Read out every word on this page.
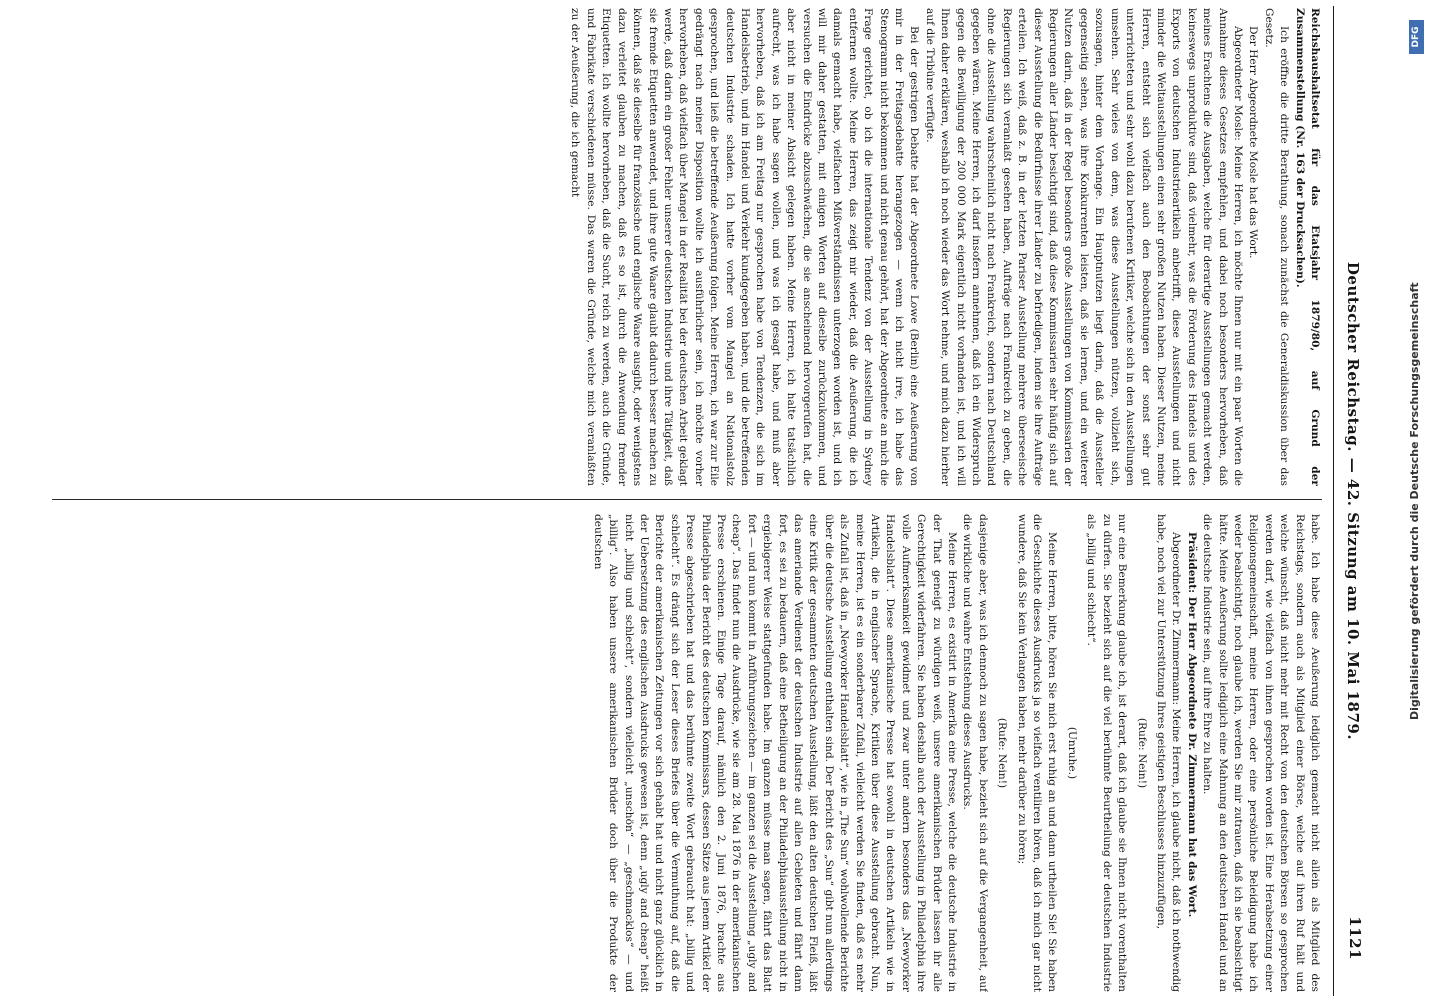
Deutscher Reichstag. — 42. Sitzung am 10. Mai 1879.
1121

Reichshaushaltsetat für das Etatsjahr 1879/80, auf Grund der Zusammenstellung (Nr. 163 der Drucksachen).

Ich eröffne die dritte Berathung, sonach zunächst die Generaldiskussion über das Gesetz.

Der Herr Abgeordnete Mosle hat das Wort.

Abgeordneter Mosle: Meine Herren, ich möchte Ihnen nur mit ein paar Worten die Annahme dieses Gesetzes empfehlen, und dabei noch besonders hervorheben, daß meines Erachtens die Ausgaben, welche für derartige Ausstellungen gemacht werden, keineswegs unproduktive sind, daß vielmehr, was die Förderung des Handels und des Exports von deutschen Industrieartikeln anbetrifft, diese Ausstellungen und nicht minder die Weltausstellungen einen sehr großen Nutzen haben. Dieser Nutzen, meine Herren, entsteht sich vielfach auch den Beobachtungen der sonst sehr gut unterrichteten und sehr wohl dazu berufenen Kritiker, welche sich in den Ausstellungen umsehen. Sehr vieles von dem, was diese Ausstellungen nützen, vollzieht sich, sozusagen, hinter dem Vorhange. Ein Hauptnutzen liegt darin, daß die Aussteller gegenseitig sehen, was ihre Konkurrenten leisten, daß sie lernen, und ein weiterer Nutzen darin, daß in der Regel besonders große Ausstellungen von Kommissarien der Regierungen aller Länder besichtigt sind, daß diese Kommissarien sehr häufig sich auf dieser Ausstellung die Bedürfnisse ihrer Länder zu befriedigen, indem sie ihre Aufträge erteilen. Ich weiß, daß z. B. in der letzten Pariser Ausstellung mehrere überseeische Regierungen sich veranlaßt gesehen haben, Aufträge nach Frankreich zu geben, die ohne die Ausstellung wahrscheinlich nicht nach Frankreich, sondern nach Deutschland gegeben wären. Meine Herren, ich darf insofern annehmen, daß ich ein Widerspruch gegen die Bewilligung der 200 000 Mark eigentlich nicht vorhanden ist, und ich will Ihnen daher erklären, weshalb ich noch wieder das Wort nehme, und mich dazu hierher auf die Tribüne verfügte.

Bei der gestrigen Debatte hat der Abgeordnete Lowe (Berlin) eine Aeußerung von mir in der Freitagsdebatte herangezogen — wenn ich nicht irre, ich habe das Stenogramm nicht bekommen und nicht genau gehört, hat der Abgeordnete an mich die Frage gerichtet, ob ich die internationale Tendenz von der Ausstellung in Sydney entfernen wollte. Meine Herren, das zeigt mir wieder, daß die Aeußerung, die ich damals gemacht habe, vielfachen Mißverständnissen unterzogen worden ist, und ich will mir daher gestatten, mit einigen Worten auf dieselbe zurückzukommen, und versuchen die Eindrücke abzuschwächen, die sie anscheinend hervorgerufen hat, die aber nicht in meiner Absicht gelegen haben. Meine Herren, ich halte tatsächlich aufrecht, was ich habe sagen wollen, und was ich gesagt habe, und muß aber hervorheben, daß ich am Freitag nur gesprochen habe von Tendenzen, die sich im Handelsbetrieb, und im Handel und Verkehr kundgegeben haben, und die betreffenden deutschen Industrie schaden. Ich hatte vorher vom Mangel an Nationalstolz gesprochen, und ließ die betreffende Aeußerung folgen. Meine Herren, ich war zur Eile gedrängt nach meiner Disposition wollte ich ausführlicher sein, ich möchte vorher hervorheben, daß vielfach über Mangel in der Realität bei der deutschen Arbeit geklagt werde, daß darin ein großer Fehler unserer deutschen Industrie und ihre Tätigkeit, daß sie fremde Etiquetten anwendet, und ihre gute Waare glaubt dadurch besser machen zu können, daß sie dieselbe für französische und englische Waare ausgibt, oder wenigstens dazu verleitet glauben zu machen, daß es so ist, durch die Anwendung fremder Etiquetten. Ich wollte hervorheben, daß die Sucht, reich zu werden, auch die Gründe, und Fabrikate verschiedenen müsse. Das waren die Gründe, welche mich veranlaßten zu der Aeußerung, die ich gemacht

habe. Ich habe diese Aeußerung lediglich gemacht nicht allein als Mitglied des Reichstags, sondern auch als Mitglied einer Börse, welche auf ihren Ruf hält und welche wünscht, daß nicht mehr mit Recht von den deutschen Börsen so gesprochen werden darf, wie vielfach von ihnen gesprochen worden ist. Eine Herabsetzung einer Religionsgemeinschaft, meine Herren, oder eine persönliche Beleidigung habe ich weder beabsichtigt, noch glaube ich, werden Sie mir zutrauen, daß ich sie beabsichtigt hätte. Meine Aeußerung sollte lediglich eine Mahnung an den deutschen Handel und an die deutsche Industrie sein, auf ihre Ehre zu halten.

Präsident: Der Herr Abgeordnete Dr. Zimmermann hat das Wort.

Abgeordneter Dr. Zimmermann: Meine Herren, ich glaube nicht, daß ich nothwendig habe, noch viel zur Unterstützung Ihres geistigen Beschlusses hinzuzufügen,

(Rufe: Nein!)

nur eine Bemerkung glaube ich, ist derart, daß ich glaube sie Ihnen nicht vorenthalten zu dürfen. Sie bezieht sich auf die viel berühmte Beurtheilung der deutschen Industrie als „billig und schlecht“.

(Unruhe.)

Meine Herren, bitte, hören Sie mich erst ruhig an und dann urtheilen Sie! Sie haben die Geschichte dieses Ausdrucks ja so vielfach ventiliren hören, daß ich mich gar nicht wundere, daß Sie kein Verlangen haben, mehr darüber zu hören;

(Rufe: Nein!)

dasjenige aber, was ich dennoch zu sagen habe, bezieht sich auf die Vergangenheit, auf die wirkliche und wahre Entstehung dieses Ausdrucks.

Meine Herren, es existirt in Amerika eine Presse, welche die deutsche Industrie in der That geneigt zu würdigen weiß, unsere amerikanischen Brüder lassen ihr alle Gerechtigkeit widerfahren. Sie haben deshalb auch der Ausstellung in Philadelphia ihre volle Aufmerksamkeit gewidmet und zwar unter andern besonders das „Newyorker Handelsblatt“. Diese amerikanische Presse hat sowohl in deutschen Artikeln wie in Artikeln, die in englischer Sprache, Kritiken über diese Ausstellung gebracht. Nun, meine Herren, ist es ein sonderbarer Zufall, vielleicht werden Sie finden, daß es mehr als Zufall ist, daß in „Newyorker Handelsblatt“, wie in „The Sun“ wohlwollende Berichte über die deutsche Ausstellung enthalten sind. Der Bericht des „Sun“ gibt nun allerdings eine Kritik der gesammten deutschen Ausstellung, läßt den alten deutschen Fleiß, läßt das ameriande Verdienst der deutschen Industrie auf allen Gebieten und fährt dann fort, es sei zu bedauern, daß eine Betheiligung an der Philadelphiaausstellung nicht in ergiebigerer Weise stattgefunden habe. Im ganzen müsse man sagen, fährt das Blatt fort — und nun kommt in Anführungszeichen — im ganzen sei die Ausstellung „ugly and cheap“. Das findet nun die Ausdrücke, wie sie am 28. Mai 1876 in der amerikanischen Presse erschienen. Einige Tage darauf, nämlich den 2. Juni 1876, brachte aus Philadelphia der Bericht des deutschen Kommissars, dessen Sätze aus jenem Artikel der Presse abgeschrieben hat und das berühmte zweite Wort gebraucht hat: „billig und schlecht“. Es drängt sich der Leser dieses Briefes über die Vermuthung auf, daß die Berichte der amerikanischen Zeitungen vor sich gehabt hat und nicht ganz glücklich in der Uebersetzung des englischen Ausdrucks gewesen ist, denn „ugly and cheap“ heißt nicht „billig und schlecht“, sondern vielleicht „unschön“ — „geschmacklos“ — und „billig“. Also haben unsere amerikanischen Brüder doch über die Produkte der deutschen

DFG
Digitalisierung gefördert durch die Deutsche Forschungsgemeinschaft
